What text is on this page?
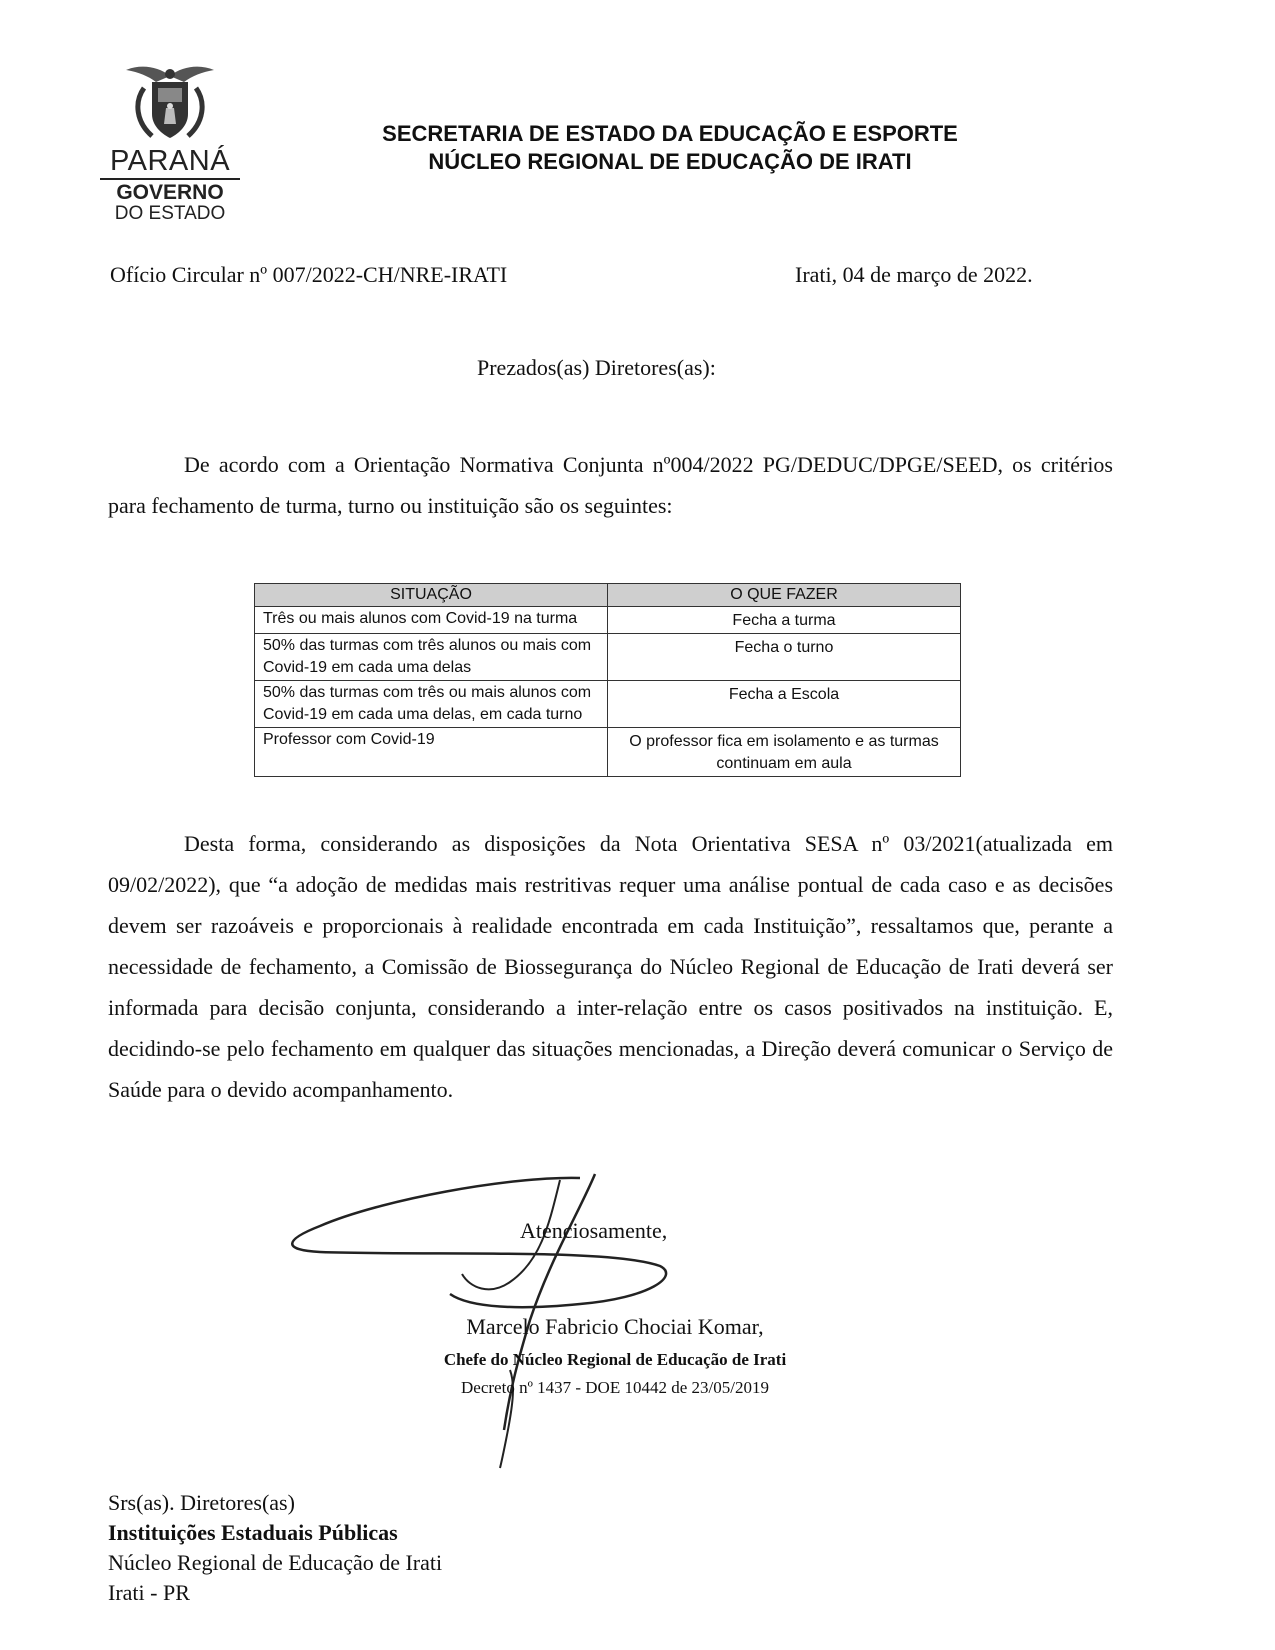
PARANÁ
GOVERNO
DO ESTADO
SECRETARIA DE ESTADO DA EDUCAÇÃO E ESPORTE
NÚCLEO REGIONAL DE EDUCAÇÃO DE IRATI
Ofício Circular nº 007/2022-CH/NRE-IRATI	Irati, 04 de março de 2022.
Prezados(as) Diretores(as):

De acordo com a Orientação Normativa Conjunta nº004/2022 PG/DEDUC/DPGE/SEED, os critérios para fechamento de turma, turno ou instituição são os seguintes:

SITUAÇÃO	O QUE FAZER
Três ou mais alunos com Covid-19 na turma	Fecha a turma
50% das turmas com três alunos ou mais com Covid-19 em cada uma delas	Fecha o turno
50% das turmas com três ou mais alunos com Covid-19 em cada uma delas, em cada turno	Fecha a Escola
Professor com Covid-19	O professor fica em isolamento e as turmas continuam em aula

Desta forma, considerando as disposições da Nota Orientativa SESA nº 03/2021(atualizada em 09/02/2022), que “a adoção de medidas mais restritivas requer uma análise pontual de cada caso e as decisões devem ser razoáveis e proporcionais à realidade encontrada em cada Instituição”, ressaltamos que, perante a necessidade de fechamento, a Comissão de Biossegurança do Núcleo Regional de Educação de Irati deverá ser informada para decisão conjunta, considerando a inter-relação entre os casos positivados na instituição. E, decidindo-se pelo fechamento em qualquer das situações mencionadas, a Direção deverá comunicar o Serviço de Saúde para o devido acompanhamento.

Atenciosamente,
Marcelo Fabricio Chociai Komar,
Chefe do Núcleo Regional de Educação de Irati
Decreto nº 1437 - DOE 10442 de 23/05/2019
Srs(as). Diretores(as)
Instituições Estaduais Públicas
Núcleo Regional de Educação de Irati
Irati - PR
